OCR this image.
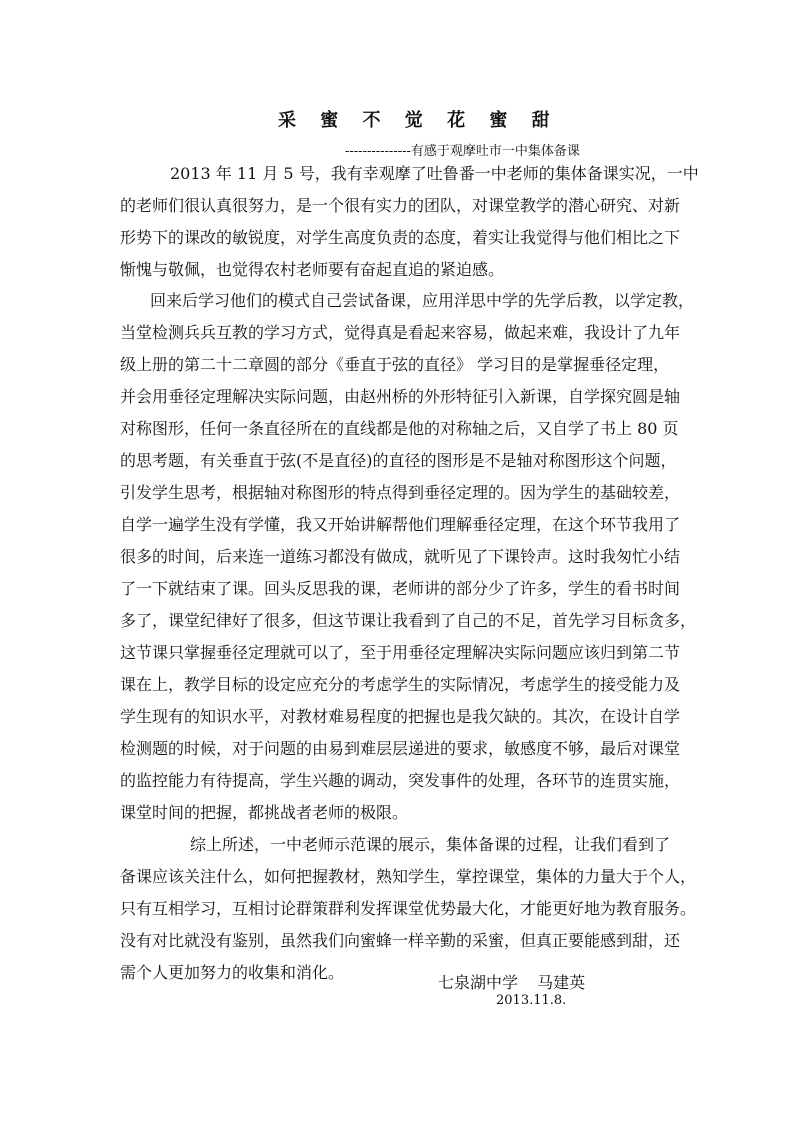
采 蜜 不 觉 花 蜜 甜
---------------有感于观摩吐市一中集体备课
2013 年 11 月 5 号，我有幸观摩了吐鲁番一中老师的集体备课实况，一中
的老师们很认真很努力，是一个很有实力的团队，对课堂教学的潜心研究、对新
形势下的课改的敏锐度，对学生高度负责的态度，着实让我觉得与他们相比之下
惭愧与敬佩，也觉得农村老师要有奋起直追的紧迫感。
回来后学习他们的模式自己尝试备课，应用洋思中学的先学后教，以学定教，
当堂检测兵兵互教的学习方式，觉得真是看起来容易，做起来难，我设计了九年
级上册的第二十二章圆的部分《垂直于弦的直径》 学习目的是掌握垂径定理，
并会用垂径定理解决实际问题，由赵州桥的外形特征引入新课，自学探究圆是轴
对称图形，任何一条直径所在的直线都是他的对称轴之后，又自学了书上 80 页
的思考题，有关垂直于弦(不是直径)的直径的图形是不是轴对称图形这个问题，
引发学生思考，根据轴对称图形的特点得到垂径定理的。因为学生的基础较差，
自学一遍学生没有学懂，我又开始讲解帮他们理解垂径定理，在这个环节我用了
很多的时间，后来连一道练习都没有做成，就听见了下课铃声。这时我匆忙小结
了一下就结束了课。回头反思我的课，老师讲的部分少了许多，学生的看书时间
多了，课堂纪律好了很多，但这节课让我看到了自己的不足，首先学习目标贪多，
这节课只掌握垂径定理就可以了，至于用垂径定理解决实际问题应该归到第二节
课在上，教学目标的设定应充分的考虑学生的实际情况，考虑学生的接受能力及
学生现有的知识水平，对教材难易程度的把握也是我欠缺的。其次，在设计自学
检测题的时候，对于问题的由易到难层层递进的要求，敏感度不够，最后对课堂
的监控能力有待提高，学生兴趣的调动，突发事件的处理，各环节的连贯实施，
课堂时间的把握，都挑战者老师的极限。
综上所述，一中老师示范课的展示，集体备课的过程，让我们看到了
备课应该关注什么，如何把握教材，熟知学生，掌控课堂，集体的力量大于个人，
只有互相学习，互相讨论群策群利发挥课堂优势最大化，才能更好地为教育服务。
没有对比就没有鉴别，虽然我们向蜜蜂一样辛勤的采蜜，但真正要能感到甜，还
需个人更加努力的收集和消化。
七泉湖中学 马建英
2013.11.8.
